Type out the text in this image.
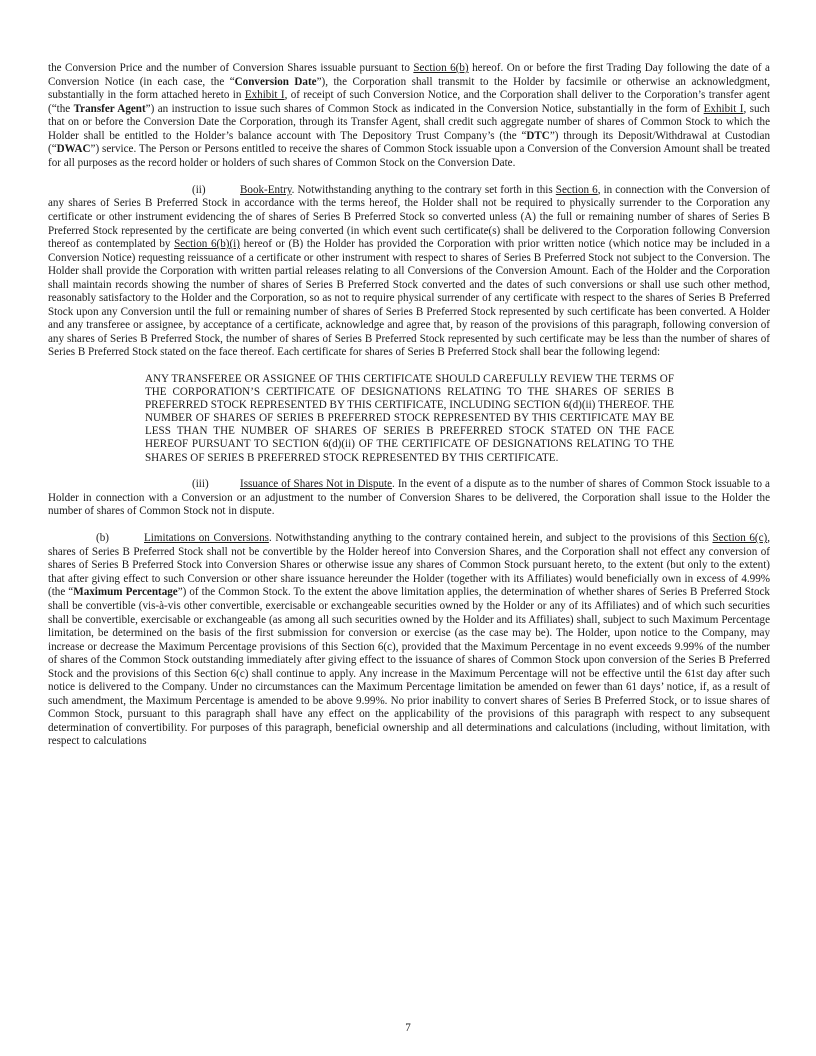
the Conversion Price and the number of Conversion Shares issuable pursuant to Section 6(b) hereof. On or before the first Trading Day following the date of a Conversion Notice (in each case, the “Conversion Date”), the Corporation shall transmit to the Holder by facsimile or otherwise an acknowledgment, substantially in the form attached hereto in Exhibit I, of receipt of such Conversion Notice, and the Corporation shall deliver to the Corporation’s transfer agent (“the Transfer Agent”) an instruction to issue such shares of Common Stock as indicated in the Conversion Notice, substantially in the form of Exhibit I, such that on or before the Conversion Date the Corporation, through its Transfer Agent, shall credit such aggregate number of shares of Common Stock to which the Holder shall be entitled to the Holder’s balance account with The Depository Trust Company’s (the “DTC”) through its Deposit/Withdrawal at Custodian (“DWAC”) service. The Person or Persons entitled to receive the shares of Common Stock issuable upon a Conversion of the Conversion Amount shall be treated for all purposes as the record holder or holders of such shares of Common Stock on the Conversion Date.

(ii)	Book-Entry. Notwithstanding anything to the contrary set forth in this Section 6, in connection with the Conversion of any shares of Series B Preferred Stock in accordance with the terms hereof, the Holder shall not be required to physically surrender to the Corporation any certificate or other instrument evidencing the of shares of Series B Preferred Stock so converted unless (A) the full or remaining number of shares of Series B Preferred Stock represented by the certificate are being converted (in which event such certificate(s) shall be delivered to the Corporation following Conversion thereof as contemplated by Section 6(b)(i) hereof or (B) the Holder has provided the Corporation with prior written notice (which notice may be included in a Conversion Notice) requesting reissuance of a certificate or other instrument with respect to shares of Series B Preferred Stock not subject to the Conversion. The Holder shall provide the Corporation with written partial releases relating to all Conversions of the Conversion Amount. Each of the Holder and the Corporation shall maintain records showing the number of shares of Series B Preferred Stock converted and the dates of such conversions or shall use such other method, reasonably satisfactory to the Holder and the Corporation, so as not to require physical surrender of any certificate with respect to the shares of Series B Preferred Stock upon any Conversion until the full or remaining number of shares of Series B Preferred Stock represented by such certificate has been converted. A Holder and any transferee or assignee, by acceptance of a certificate, acknowledge and agree that, by reason of the provisions of this paragraph, following conversion of any shares of Series B Preferred Stock, the number of shares of Series B Preferred Stock represented by such certificate may be less than the number of shares of Series B Preferred Stock stated on the face thereof. Each certificate for shares of Series B Preferred Stock shall bear the following legend:

ANY TRANSFEREE OR ASSIGNEE OF THIS CERTIFICATE SHOULD CAREFULLY REVIEW THE TERMS OF THE CORPORATION’S CERTIFICATE OF DESIGNATIONS RELATING TO THE SHARES OF SERIES B PREFERRED STOCK REPRESENTED BY THIS CERTIFICATE, INCLUDING SECTION 6(d)(ii) THEREOF. THE NUMBER OF SHARES OF SERIES B PREFERRED STOCK REPRESENTED BY THIS CERTIFICATE MAY BE LESS THAN THE NUMBER OF SHARES OF SERIES B PREFERRED STOCK STATED ON THE FACE HEREOF PURSUANT TO SECTION 6(d)(ii) OF THE CERTIFICATE OF DESIGNATIONS RELATING TO THE SHARES OF SERIES B PREFERRED STOCK REPRESENTED BY THIS CERTIFICATE.

(iii)	Issuance of Shares Not in Dispute. In the event of a dispute as to the number of shares of Common Stock issuable to a Holder in connection with a Conversion or an adjustment to the number of Conversion Shares to be delivered, the Corporation shall issue to the Holder the number of shares of Common Stock not in dispute.

(b)	Limitations on Conversions. Notwithstanding anything to the contrary contained herein, and subject to the provisions of this Section 6(c), shares of Series B Preferred Stock shall not be convertible by the Holder hereof into Conversion Shares, and the Corporation shall not effect any conversion of shares of Series B Preferred Stock into Conversion Shares or otherwise issue any shares of Common Stock pursuant hereto, to the extent (but only to the extent) that after giving effect to such Conversion or other share issuance hereunder the Holder (together with its Affiliates) would beneficially own in excess of 4.99% (the “Maximum Percentage”) of the Common Stock. To the extent the above limitation applies, the determination of whether shares of Series B Preferred Stock shall be convertible (vis-à-vis other convertible, exercisable or exchangeable securities owned by the Holder or any of its Affiliates) and of which such securities shall be convertible, exercisable or exchangeable (as among all such securities owned by the Holder and its Affiliates) shall, subject to such Maximum Percentage limitation, be determined on the basis of the first submission for conversion or exercise (as the case may be). The Holder, upon notice to the Company, may increase or decrease the Maximum Percentage provisions of this Section 6(c), provided that the Maximum Percentage in no event exceeds 9.99% of the number of shares of the Common Stock outstanding immediately after giving effect to the issuance of shares of Common Stock upon conversion of the Series B Preferred Stock and the provisions of this Section 6(c) shall continue to apply. Any increase in the Maximum Percentage will not be effective until the 61st day after such notice is delivered to the Company. Under no circumstances can the Maximum Percentage limitation be amended on fewer than 61 days’ notice, if, as a result of such amendment, the Maximum Percentage is amended to be above 9.99%. No prior inability to convert shares of Series B Preferred Stock, or to issue shares of Common Stock, pursuant to this paragraph shall have any effect on the applicability of the provisions of this paragraph with respect to any subsequent determination of convertibility. For purposes of this paragraph, beneficial ownership and all determinations and calculations (including, without limitation, with respect to calculations

7
